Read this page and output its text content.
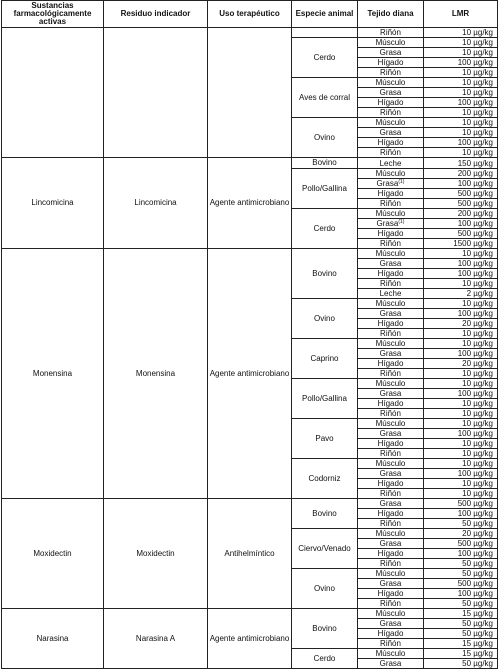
Sustancias farmacológicamente activas	Residuo indicador	Uso terapéutico	Especie animal	Tejido diana	LMR
				Riñón	10 µg/kg
			Cerdo	Músculo	10 µg/kg
				Grasa	10 µg/kg
				Hígado	100 µg/kg
				Riñón	10 µg/kg
			Aves de corral	Músculo	10 µg/kg
				Grasa	10 µg/kg
				Hígado	100 µg/kg
				Riñón	10 µg/kg
			Ovino	Músculo	10 µg/kg
				Grasa	10 µg/kg
				Hígado	100 µg/kg
				Riñón	10 µg/kg
Lincomicina	Lincomicina	Agente antimicrobiano	Bovino	Leche	150 µg/kg
			Pollo/Gallina	Músculo	200 µg/kg
				Grasa$^{(1)}$	100 µg/kg
				Hígado	500 µg/kg
				Riñón	500 µg/kg
			Cerdo	Músculo	200 µg/kg
				Grasa$^{(1)}$	100 µg/kg
				Hígado	500 µg/kg
				Riñón	1500 µg/kg
Monensina	Monensina	Agente antimicrobiano	Bovino	Músculo	10 µg/kg
				Grasa	100 µg/kg
				Hígado	100 µg/kg
				Riñón	10 µg/kg
				Leche	2 µg/kg
			Ovino	Músculo	10 µg/kg
				Grasa	100 µg/kg
				Hígado	20 µg/kg
				Riñón	10 µg/kg
			Caprino	Músculo	10 µg/kg
				Grasa	100 µg/kg
				Hígado	20 µg/kg
				Riñón	10 µg/kg
			Pollo/Gallina	Músculo	10 µg/kg
				Grasa	100 µg/kg
				Hígado	10 µg/kg
				Riñón	10 µg/kg
			Pavo	Músculo	10 µg/kg
				Grasa	100 µg/kg
				Hígado	10 µg/kg
				Riñón	10 µg/kg
			Codorniz	Músculo	10 µg/kg
				Grasa	100 µg/kg
				Hígado	10 µg/kg
				Riñón	10 µg/kg
Moxidectin	Moxidectin	Antihelmíntico	Bovino	Grasa	500 µg/kg
				Hígado	100 µg/kg
				Riñón	50 µg/kg
			Ciervo/Venado	Músculo	20 µg/kg
				Grasa	500 µg/kg
				Hígado	100 µg/kg
				Riñón	50 µg/kg
			Ovino	Músculo	50 µg/kg
				Grasa	500 µg/kg
				Hígado	100 µg/kg
				Riñón	50 µg/kg
Narasina	Narasina A	Agente antimicrobiano	Bovino	Músculo	15 µg/kg
				Grasa	50 µg/kg
				Hígado	50 µg/kg
				Riñón	15 µg/kg
			Cerdo	Músculo	15 µg/kg
				Grasa	50 µg/kg
